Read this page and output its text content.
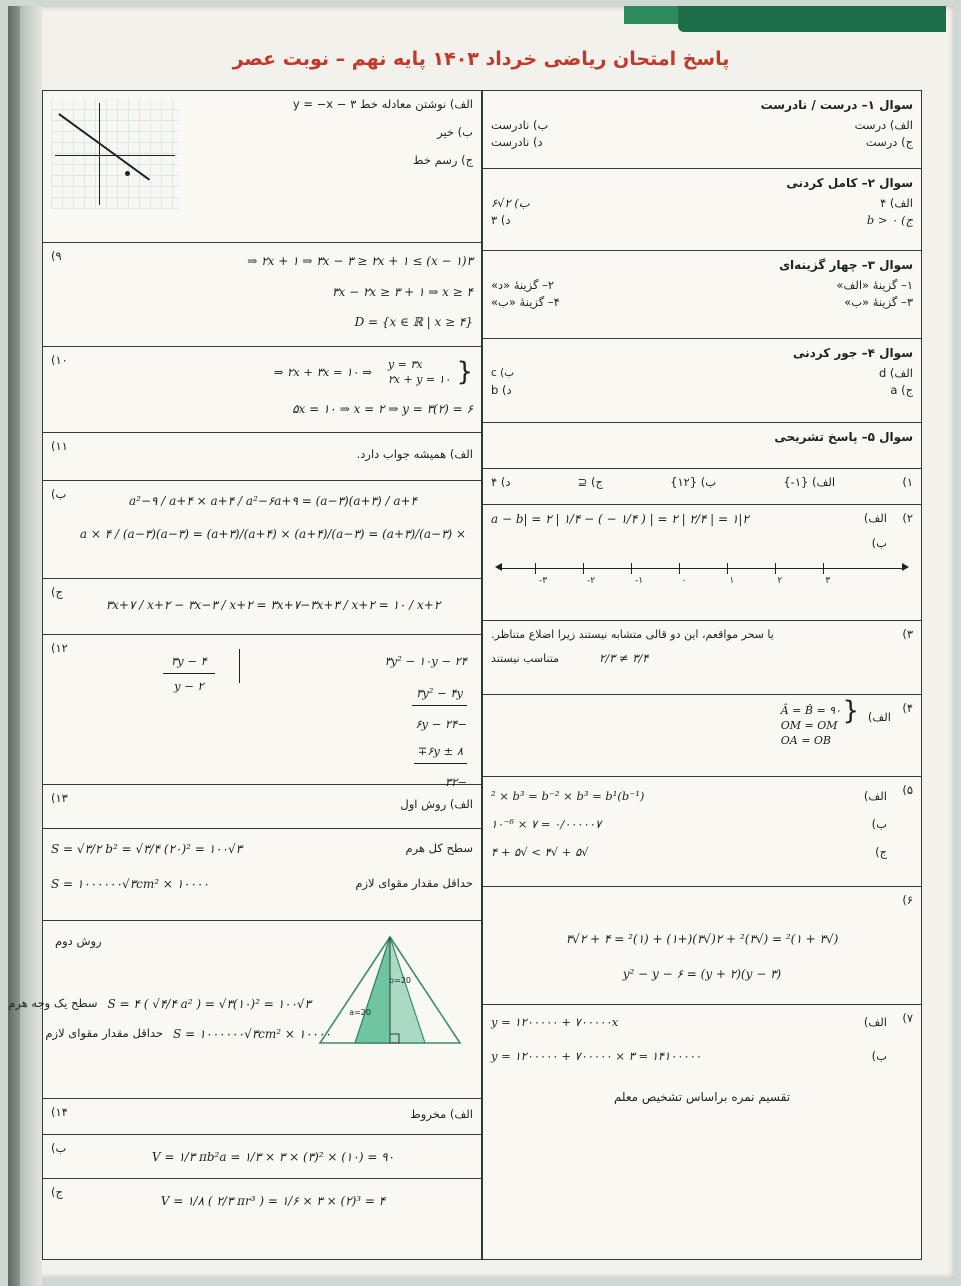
پاسخ امتحان ریاضی خرداد ۱۴۰۳ پایه نهم – نوبت عصر
سوال ۱– درست / نادرست
الف) درست
ب) نادرست
ج) درست
د) نادرست
سوال ۲– کامل کردنی
الف) ۴
ب) ۲√۶
ج) ۰ < b
د) ۳
سوال ۳– چهار گزینه‌ای
۱– گزینهٔ «الف»
۲– گزینهٔ «د»
۳– گزینهٔ «ب»
۴– گزینهٔ «ب»
سوال ۴– جور کردنی
الف) d
ب) c
ج) a
د) b
سوال ۵– پاسخ تشریحی
۱)
الف) {۱-}
ب) {۱۲}
ج) ⊆
د) ۴
۲)
الف)
۲|a − b| = ۲ | ۱/۴ − ( − ۱/۴ ) | = ۲ | ۲/۴ | = ۱
ب)
۳-	۲-	۱-	۰	۱	۲	۳
۳)
یا سحر مواقعم، این دو قالی متشابه نیستند زیرا اضلاع متناظر.
۳/۴ ≠ ۲/۳
متناسب نیستند
۴)
الف)
{
Â = B̂ = ۹۰
OM = OM
OA = OB
۵)
الف)
(b⁻¹)² × b³ = b⁻² × b³ = b¹
ب)
۰/۰۰۰۰۰۷ = ۷ × ۱۰⁻⁶
ج)
√۵ + √۴ > √۵ + ۴
۶)
(√۳ + ۱)² = (√۳)² + ۲(√۳)(+۱) + (۱)² = ۴ + ۲√۳
y² − y − ۶ = (y + ۲)(y − ۳)
۷)
الف)
y = ۱۲۰۰۰۰۰ + ۷۰۰۰۰۰x
ب)
y = ۱۲۰۰۰۰۰ + ۷۰۰۰۰۰ × ۳ = ۱۴۱۰۰۰۰۰
تقسیم نمره براساس تشخیص معلم
الف) نوشتن معادله خط y = −x − ۳
ب) خیر
ج) رسم خط
۹)	۳(x − ۱) ≥ ۲x + ۱ ⇒ ۳x − ۳ ≥ ۲x + ۱ ⇒
۳x − ۲x ≥ ۳ + ۱ ⇒ x ≥ ۴
D = {x ∈ ℝ | x ≥ ۴}
۱۰)	{
y = ۳x
۲x + y = ۱۰
⇒ ۲x + ۳x = ۱۰ ⇒
۵x = ۱۰ ⇒ x = ۲ ⇒ y = ۳(۲) = ۶
۱۱)
الف) همیشه جواب دارد.
ب)	a²−۹ / a+۴ × a+۴ / a²−۶a+۹ = (a−۳)(a+۳) / a+۴
× a × ۴ / (a−۳)(a−۳) = (a+۳)/(a+۴) × (a+۴)/(a−۳) = (a+۳)/(a−۳)
ج)
۳x+۷ / x+۲ − ۳x−۳ / x+۲ = ۳x+۷−۳x+۳ / x+۲ = ۱۰ / x+۲
۱۲)
۳y − ۴
y − ۲
۳y² − ۱۰y − ۲۴
۳y² − ۴y
−۶y − ۲۴
∓۶y ± ۸
−۳۲
۱۳)	الف) روش اول
سطح کل هرم
S = √۳/۲ b² = √۳/۴ (۲۰)² = ۱۰۰√۳
حداقل مقدار مقوای لازم
۱۰۰۰۰ × S = ۱۰۰۰۰۰۰√۳cm²
b=20
a=20
روش دوم
S = ۴ ( √۴/۴ a² ) = √۳(۱۰)² = ۱۰۰√۳
سطح یک وجه هرم
۱۰۰۰۰ × S = ۱۰۰۰۰۰۰√۳cm²
حداقل مقدار مقوای لازم
۱۴)	الف) مخروط
ب)
V = ۱/۳ πb²a = ۱/۳ × ۳ × (۳)² × (۱۰) = ۹۰
ج)
V = ۱/۸ ( ۲/۳ πr³ ) = ۱/۶ × ۳ × (۲)³ = ۴
